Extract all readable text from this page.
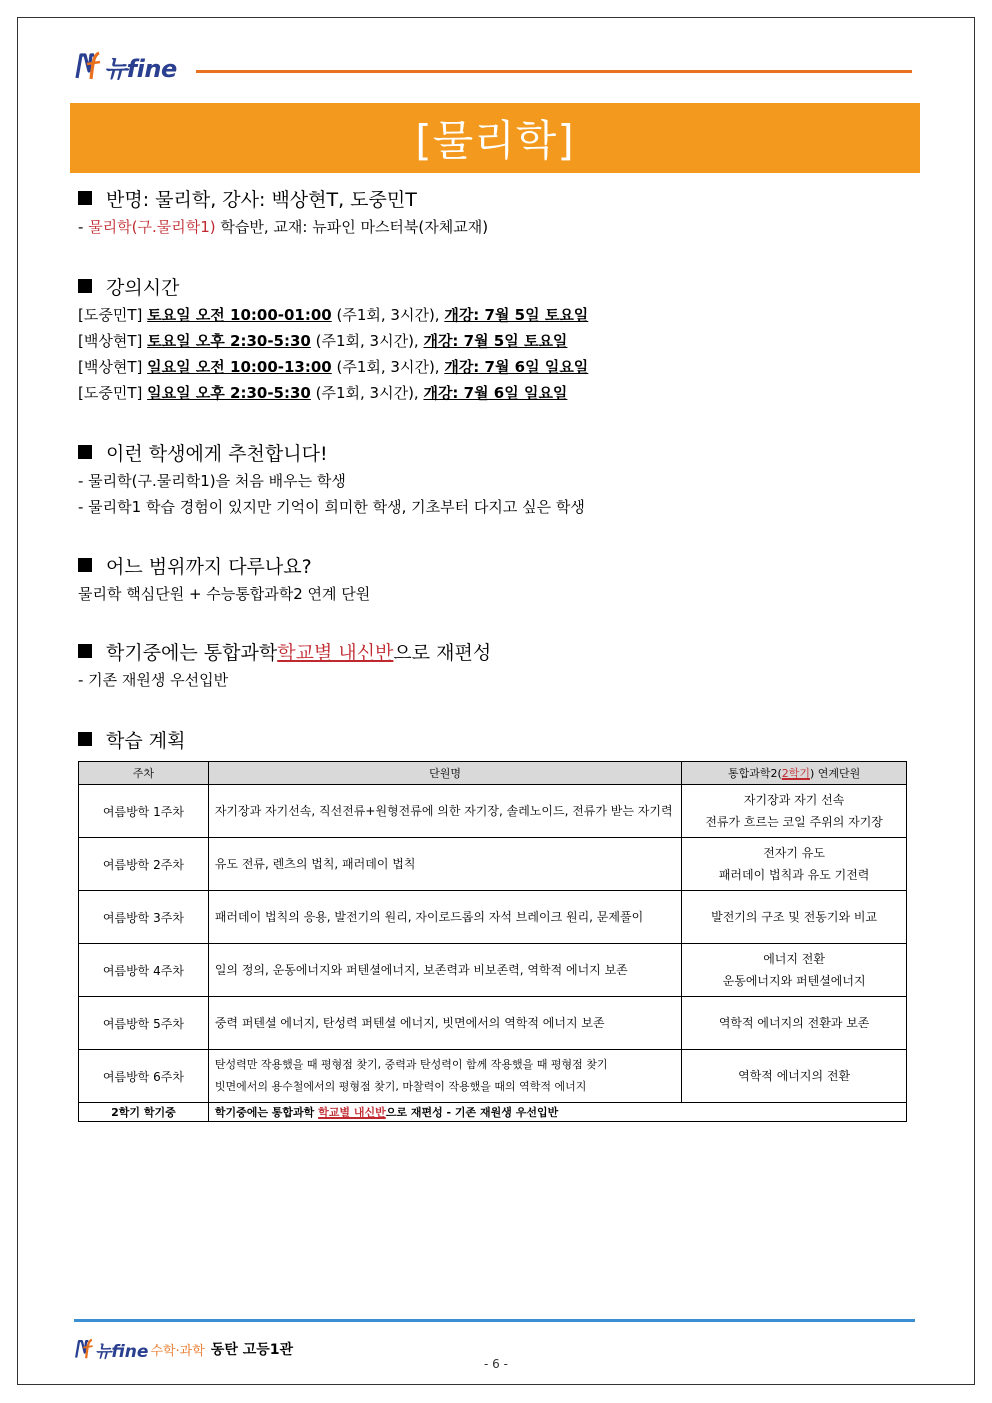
뉴fine
[물리학]
반명: 물리학, 강사: 백상현T, 도중민T
- 물리학(구.물리학1) 학습반, 교재: 뉴파인 마스터북(자체교재)
강의시간
[도중민T] 토요일 오전 10:00-01:00 (주1회, 3시간), 개강: 7월 5일 토요일
[백상현T] 토요일 오후 2:30-5:30 (주1회, 3시간), 개강: 7월 5일 토요일
[백상현T] 일요일 오전 10:00-13:00 (주1회, 3시간), 개강: 7월 6일 일요일
[도중민T] 일요일 오후 2:30-5:30 (주1회, 3시간), 개강: 7월 6일 일요일
이런 학생에게 추천합니다!
- 물리학(구.물리학1)을 처음 배우는 학생
- 물리학1 학습 경험이 있지만 기억이 희미한 학생, 기초부터 다지고 싶은 학생
어느 범위까지 다루나요?
물리학 핵심단원 + 수능통합과학2 연계 단원
학기중에는 통합과학 학교별 내신반 으로 재편성
- 기존 재원생 우선입반
학습 계획
주차	단원명	통합과학2(2학기) 연계단원
여름방학 1주차	자기장과 자기선속, 직선전류+원형전류에 의한 자기장, 솔레노이드, 전류가 받는 자기력	자기장과 자기 선속
전류가 흐르는 코일 주위의 자기장

여름방학 2주차	유도 전류, 렌츠의 법칙, 패러데이 법칙	전자기 유도
패러데이 법칙과 유도 기전력

여름방학 3주차	패러데이 법칙의 응용, 발전기의 원리, 자이로드롭의 자석 브레이크 원리, 문제풀이	발전기의 구조 및 전동기와 비교

여름방학 4주차	일의 정의, 운동에너지와 퍼텐셜에너지, 보존력과 비보존력, 역학적 에너지 보존	에너지 전환
운동에너지와 퍼텐셜에너지

여름방학 5주차	중력 퍼텐셜 에너지, 탄성력 퍼텐셜 에너지, 빗면에서의 역학적 에너지 보존	역학적 에너지의 전환과 보존

여름방학 6주차	탄성력만 작용했을 때 평형점 찾기, 중력과 탄성력이 함께 작용했을 때 평형점 찾기
빗면에서의 용수철에서의 평형점 찾기, 마찰력이 작용했을 때의 역학적 에너지	역학적 에너지의 전환

2학기 학기중	학기중에는 통합과학 학교별 내신반으로 재편성 - 기존 재원생 우선입반	
뉴fine 수학·과학 동탄 고등1관
- 6 -
